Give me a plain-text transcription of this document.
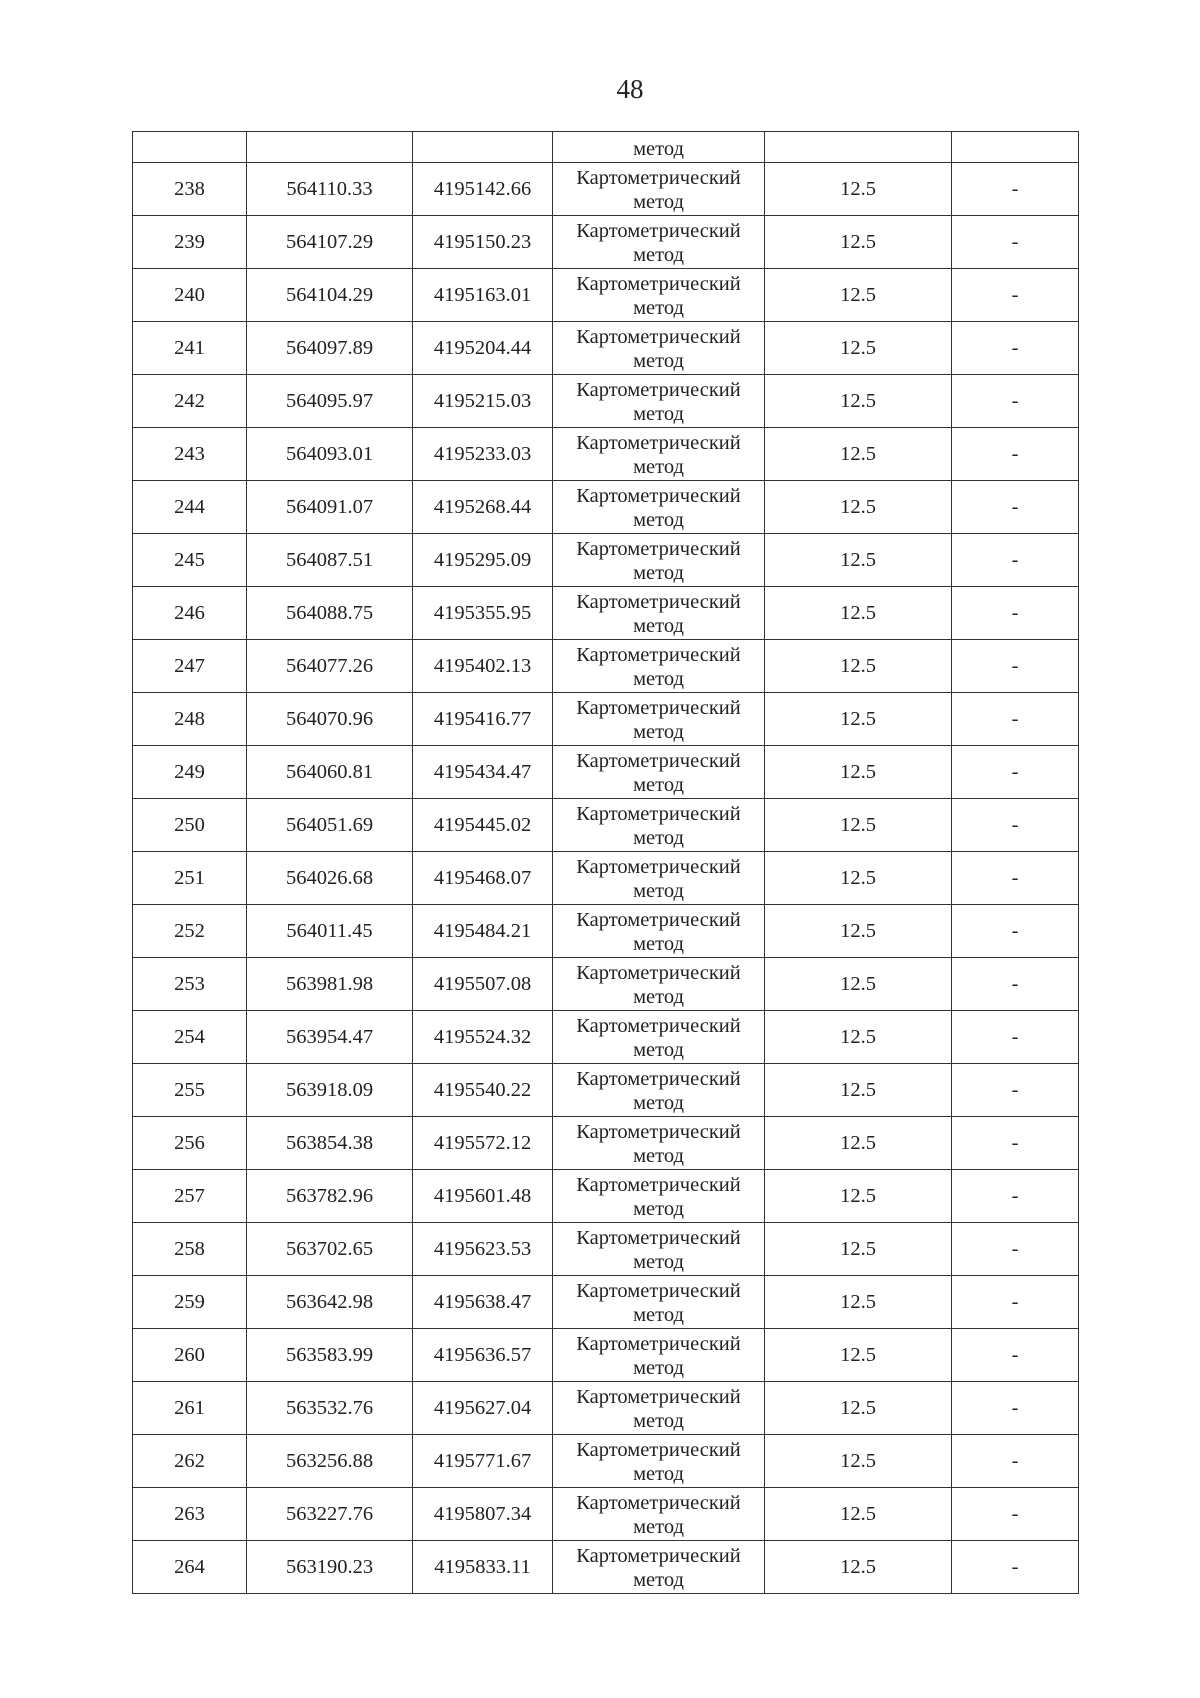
48
			метод		
238	564110.33	4195142.66	Картометрический
метод	12.5	-
239	564107.29	4195150.23	Картометрический
метод	12.5	-
240	564104.29	4195163.01	Картометрический
метод	12.5	-
241	564097.89	4195204.44	Картометрический
метод	12.5	-
242	564095.97	4195215.03	Картометрический
метод	12.5	-
243	564093.01	4195233.03	Картометрический
метод	12.5	-
244	564091.07	4195268.44	Картометрический
метод	12.5	-
245	564087.51	4195295.09	Картометрический
метод	12.5	-
246	564088.75	4195355.95	Картометрический
метод	12.5	-
247	564077.26	4195402.13	Картометрический
метод	12.5	-
248	564070.96	4195416.77	Картометрический
метод	12.5	-
249	564060.81	4195434.47	Картометрический
метод	12.5	-
250	564051.69	4195445.02	Картометрический
метод	12.5	-
251	564026.68	4195468.07	Картометрический
метод	12.5	-
252	564011.45	4195484.21	Картометрический
метод	12.5	-
253	563981.98	4195507.08	Картометрический
метод	12.5	-
254	563954.47	4195524.32	Картометрический
метод	12.5	-
255	563918.09	4195540.22	Картометрический
метод	12.5	-
256	563854.38	4195572.12	Картометрический
метод	12.5	-
257	563782.96	4195601.48	Картометрический
метод	12.5	-
258	563702.65	4195623.53	Картометрический
метод	12.5	-
259	563642.98	4195638.47	Картометрический
метод	12.5	-
260	563583.99	4195636.57	Картометрический
метод	12.5	-
261	563532.76	4195627.04	Картометрический
метод	12.5	-
262	563256.88	4195771.67	Картометрический
метод	12.5	-
263	563227.76	4195807.34	Картометрический
метод	12.5	-
264	563190.23	4195833.11	Картометрический
метод	12.5	-
